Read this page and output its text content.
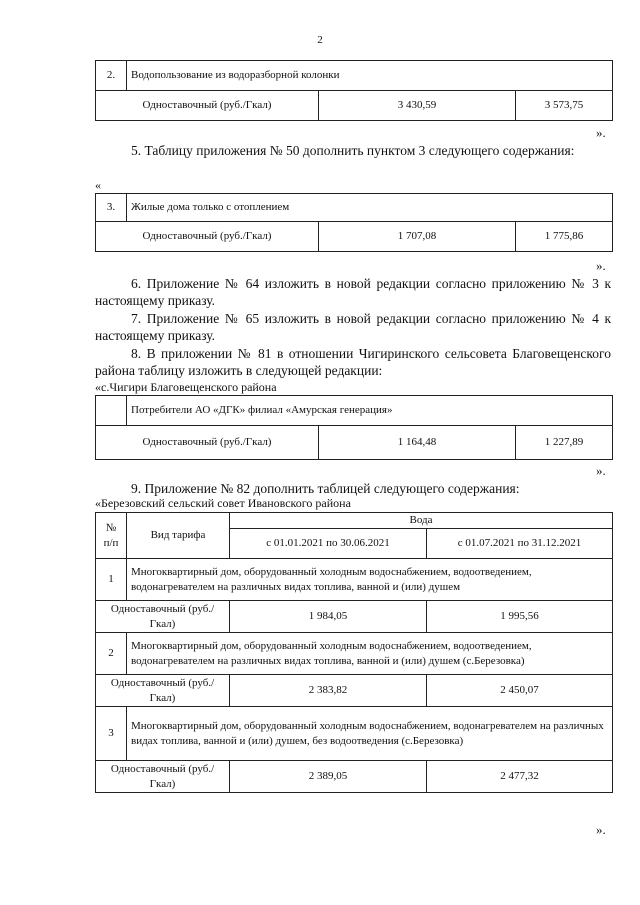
2
2.	Водопользование из водоразборной колонки		
Одноставочный (руб./Гкал)		3 430,59	3 573,75
».
5. Таблицу приложения № 50 дополнить пунктом 3 следующего содержания:
«
3.	Жилые дома только с отоплением		
Одноставочный (руб./Гкал)		1 707,08	1 775,86
».
6. Приложение № 64 изложить в новой редакции согласно приложению № 3 к настоящему приказу.
7. Приложение № 65 изложить в новой редакции согласно приложению № 4 к настоящему приказу.
8. В приложении № 81 в отношении Чигиринского сельсовета Благовещенского района таблицу изложить в следующей редакции:
«с.Чигири Благовещенского района
	Потребители АО «ДГК» филиал «Амурская генерация»		
Одноставочный (руб./Гкал)		1 164,48	1 227,89
».
9. Приложение № 82 дополнить таблицей следующего содержания:
«Березовский сельский совет Ивановского района
№ п/п	Вид тарифа	Вода	
		с 01.01.2021 по 30.06.2021	с 01.07.2021 по 31.12.2021
1	Многоквартирный дом, оборудованный холодным водоснабжением, водоотведением, водонагревателем на различных видах топлива, ванной и (или) душем		
Одноставочный (руб./Гкал)		1 984,05	1 995,56
2	Многоквартирный дом, оборудованный холодным водоснабжением, водоотведением, водонагревателем на различных видах топлива, ванной и (или) душем (с.Березовка)		
Одноставочный (руб./Гкал)		2 383,82	2 450,07
3	Многоквартирный дом, оборудованный холодным водоснабжением, водонагревателем на различных видах топлива, ванной и (или) душем, без водоотведения (с.Березовка)		
Одноставочный (руб./Гкал)		2 389,05	2 477,32
».
